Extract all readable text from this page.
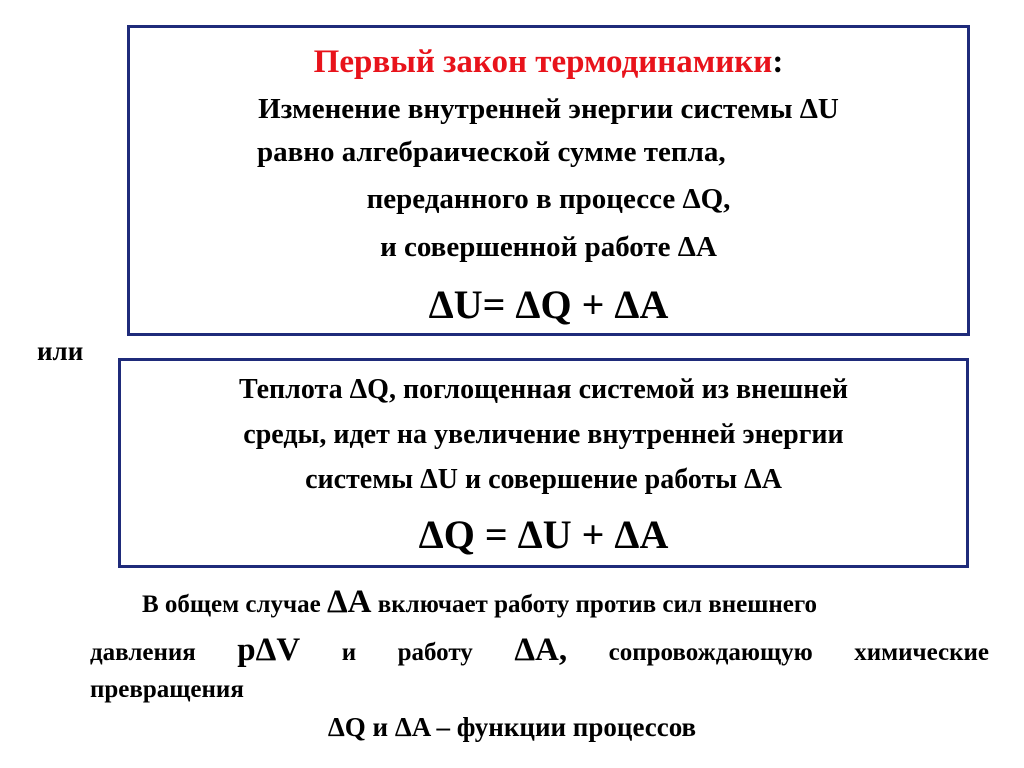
Первый закон термодинамики:
Изменение внутренней энергии системы ΔU
равно алгебраической сумме тепла,
переданного в процессе ΔQ,
и совершенной работе ΔA
ΔU= ΔQ + ΔA
или
Теплота ΔQ, поглощенная системой из внешней
среды, идет на увеличение внутренней энергии
системы ΔU и совершение работы ΔA
ΔQ = ΔU + ΔA
В общем случае ΔA включает работу против сил внешнего
давления pΔV и работу ΔA, сопровождающую химические
превращения
ΔQ и ΔA – функции процессов
